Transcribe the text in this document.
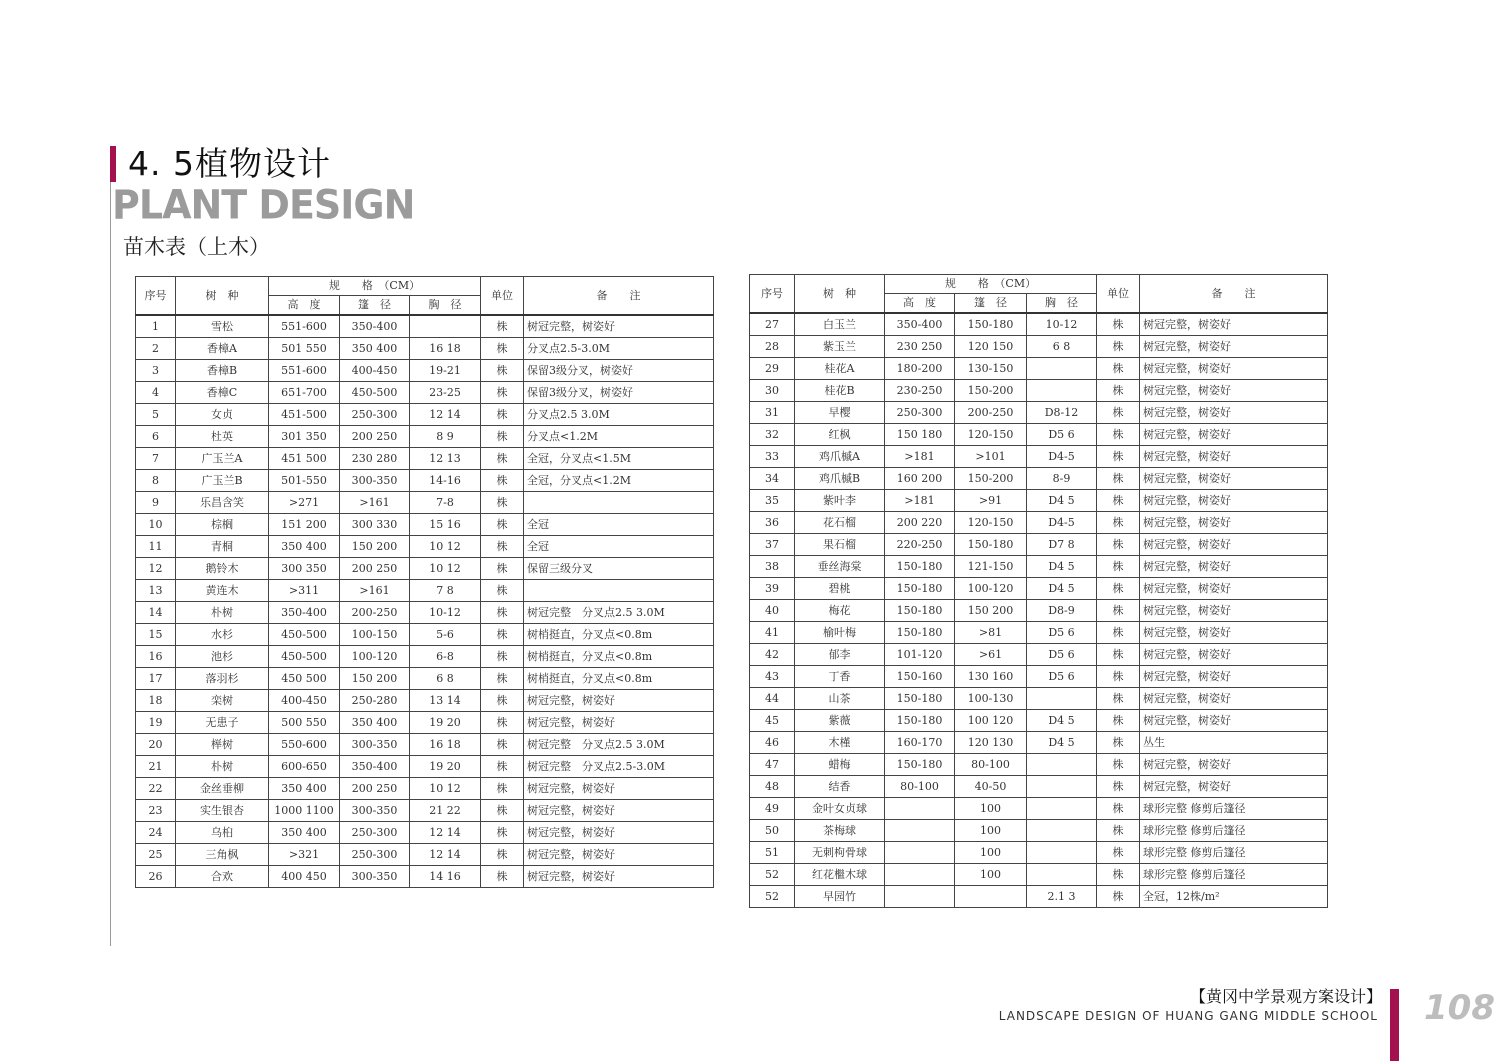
4. 5植物设计
PLANT DESIGN
苗木表（上木）
序号	树　种	规　　格　（CM）			单位	备　　注
		高　度	篷　径	胸　径		
1	雪松	551-600	350-400		株	树冠完整，树姿好
2	香樟A	501 550	350 400	16 18	株	分叉点2.5-3.0M
3	香樟B	551-600	400-450	19-21	株	保留3级分叉，树姿好
4	香樟C	651-700	450-500	23-25	株	保留3级分叉，树姿好
5	女贞	451-500	250-300	12 14	株	分叉点2.5 3.0M
6	杜英	301 350	200 250	8 9	株	分叉点<1.2M
7	广玉兰A	451 500	230 280	12 13	株	全冠，分叉点<1.5M
8	广玉兰B	501-550	300-350	14-16	株	全冠，分叉点<1.2M
9	乐昌含笑	>271	>161	7-8	株	
10	棕榈	151 200	300 330	15 16	株	全冠
11	青桐	350 400	150 200	10 12	株	全冠
12	鹅铃木	300 350	200 250	10 12	株	保留三级分叉
13	黄连木	>311	>161	7 8	株	
14	朴树	350-400	200-250	10-12	株	树冠完整　分叉点2.5 3.0M
15	水杉	450-500	100-150	5-6	株	树梢挺直，分叉点<0.8m
16	池杉	450-500	100-120	6-8	株	树梢挺直，分叉点<0.8m
17	落羽杉	450 500	150 200	6 8	株	树梢挺直，分叉点<0.8m
18	栾树	400-450	250-280	13 14	株	树冠完整，树姿好
19	无患子	500 550	350 400	19 20	株	树冠完整，树姿好
20	榉树	550-600	300-350	16 18	株	树冠完整　分叉点2.5 3.0M
21	朴树	600-650	350-400	19 20	株	树冠完整　分叉点2.5-3.0M
22	金丝垂柳	350 400	200 250	10 12	株	树冠完整，树姿好
23	实生银杏	1000 1100	300-350	21 22	株	树冠完整，树姿好
24	乌桕	350 400	250-300	12 14	株	树冠完整，树姿好
25	三角枫	>321	250-300	12 14	株	树冠完整，树姿好
26	合欢	400 450	300-350	14 16	株	树冠完整，树姿好
序号	树　种	规　　格　（CM）			单位	备　　注
		高　度	篷　径	胸　径		
27	白玉兰	350-400	150-180	10-12	株	树冠完整，树姿好
28	紫玉兰	230 250	120 150	6 8	株	树冠完整，树姿好
29	桂花A	180-200	130-150		株	树冠完整，树姿好
30	桂花B	230-250	150-200		株	树冠完整，树姿好
31	早樱	250-300	200-250	D8-12	株	树冠完整，树姿好
32	红枫	150 180	120-150	D5 6	株	树冠完整，树姿好
33	鸡爪槭A	>181	>101	D4-5	株	树冠完整，树姿好
34	鸡爪槭B	160 200	150-200	8-9	株	树冠完整，树姿好
35	紫叶李	>181	>91	D4 5	株	树冠完整，树姿好
36	花石榴	200 220	120-150	D4-5	株	树冠完整，树姿好
37	果石榴	220-250	150-180	D7 8	株	树冠完整，树姿好
38	垂丝海棠	150-180	121-150	D4 5	株	树冠完整，树姿好
39	碧桃	150-180	100-120	D4 5	株	树冠完整，树姿好
40	梅花	150-180	150 200	D8-9	株	树冠完整，树姿好
41	榆叶梅	150-180	>81	D5 6	株	树冠完整，树姿好
42	郁李	101-120	>61	D5 6	株	树冠完整，树姿好
43	丁香	150-160	130 160	D5 6	株	树冠完整，树姿好
44	山茶	150-180	100-130		株	树冠完整，树姿好
45	紫薇	150-180	100 120	D4 5	株	树冠完整，树姿好
46	木槿	160-170	120 130	D4 5	株	丛生
47	蜡梅	150-180	80-100		株	树冠完整，树姿好
48	结香	80-100	40-50		株	树冠完整，树姿好
49	金叶女贞球		100		株	球形完整 修剪后篷径
50	茶梅球		100		株	球形完整 修剪后篷径
51	无刺枸骨球		100		株	球形完整 修剪后篷径
52	红花檵木球		100		株	球形完整 修剪后篷径
52	早园竹			2.1 3	株	全冠，12株/m²
【黄冈中学景观方案设计】
LANDSCAPE DESIGN OF HUANG GANG MIDDLE SCHOOL 108
